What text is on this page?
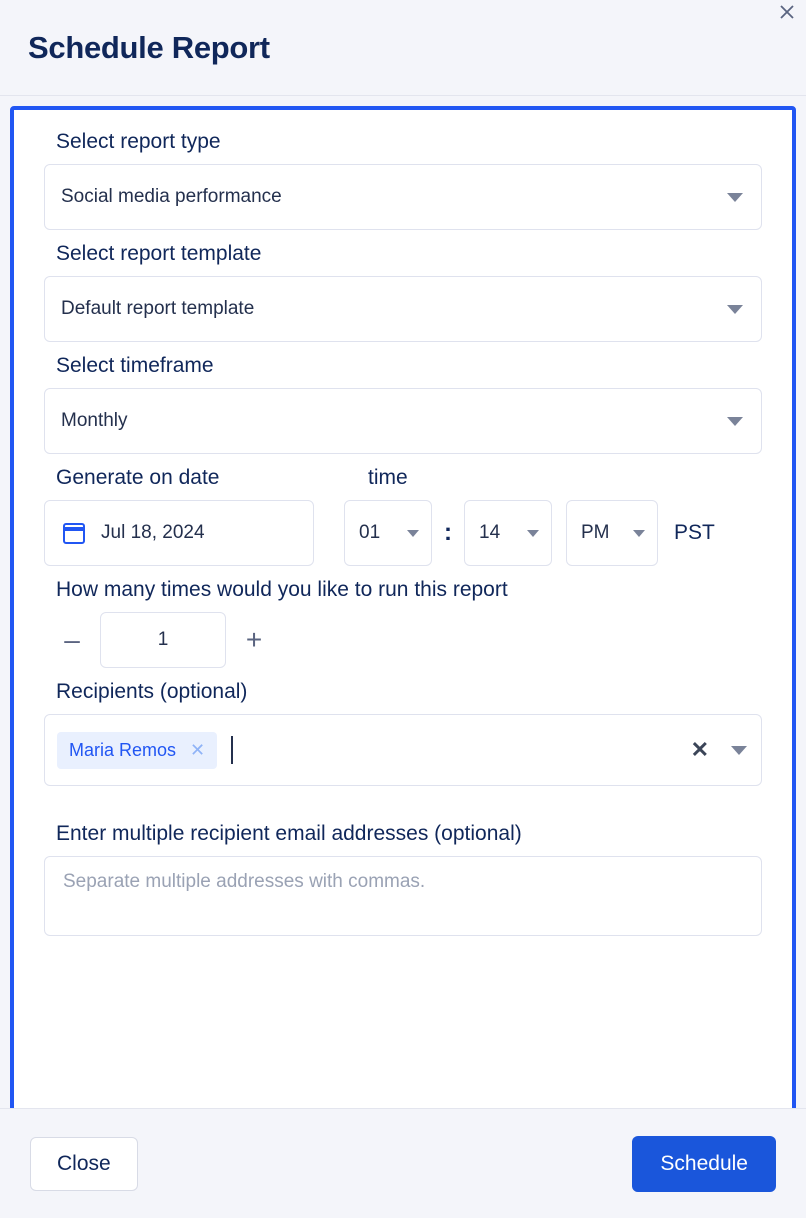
Schedule Report
Select report type
Social media performance
Select report template
Default report template
Select timeframe
Monthly
Generate on date	time
Jul 18, 2024	01	: 14	PM	PST
How many times would you like to run this report
–	1	+
Recipients (optional)
Maria Remos ✕	✕
Enter multiple recipient email addresses (optional)
Separate multiple addresses with commas.
Close	Schedule
